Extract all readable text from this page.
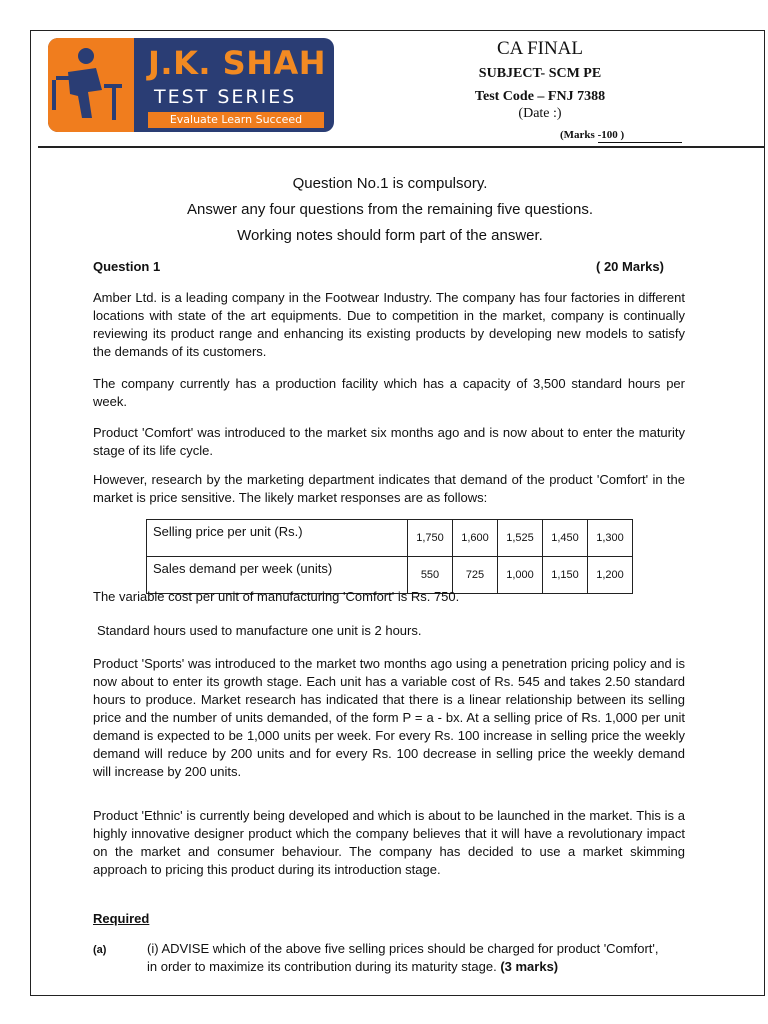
J.K. SHAH
TEST SERIES
Evaluate Learn Succeed
CA FINAL
SUBJECT- SCM PE
Test Code – FNJ 7388
(Date :)
(Marks -100 )
Question No.1 is compulsory.
Answer any four questions from the remaining five questions.
Working notes should form part of the answer.
Question 1	( 20 Marks)
Amber Ltd. is a leading company in the Footwear Industry. The company has four factories in different locations with state of the art equipments. Due to competition in the market, company is continually reviewing its product range and enhancing its existing products by developing new models to satisfy the demands of its customers.
The company currently has a production facility which has a capacity of 3,500 standard hours per week.
Product 'Comfort' was introduced to the market six months ago and is now about to enter the maturity stage of its life cycle.
However, research by the marketing department indicates that demand of the product 'Comfort' in the market is price sensitive. The likely market responses are as follows:
Selling price per unit (Rs.)	1,750	1,600	1,525	1,450	1,300
Sales demand per week (units)	550	725	1,000	1,150	1,200
The variable cost per unit of manufacturing 'Comfort' is Rs. 750.
Standard hours used to manufacture one unit is 2 hours.
Product 'Sports' was introduced to the market two months ago using a penetration pricing policy and is now about to enter its growth stage. Each unit has a variable cost of Rs. 545 and takes 2.50 standard hours to produce. Market research has indicated that there is a linear relationship between its selling price and the number of units demanded, of the form P = a - bx. At a selling price of Rs. 1,000 per unit demand is expected to be 1,000 units per week. For every Rs. 100 increase in selling price the weekly demand will reduce by 200 units and for every Rs. 100 decrease in selling price the weekly demand will increase by 200 units.
Product 'Ethnic' is currently being developed and which is about to be launched in the market. This is a highly innovative designer product which the company believes that it will have a revolutionary impact on the market and consumer behaviour. The company has decided to use a market skimming approach to pricing this product during its introduction stage.
Required
(a)	(i) ADVISE which of the above five selling prices should be charged for product 'Comfort', in order to maximize its contribution during its maturity stage. (3 marks)
